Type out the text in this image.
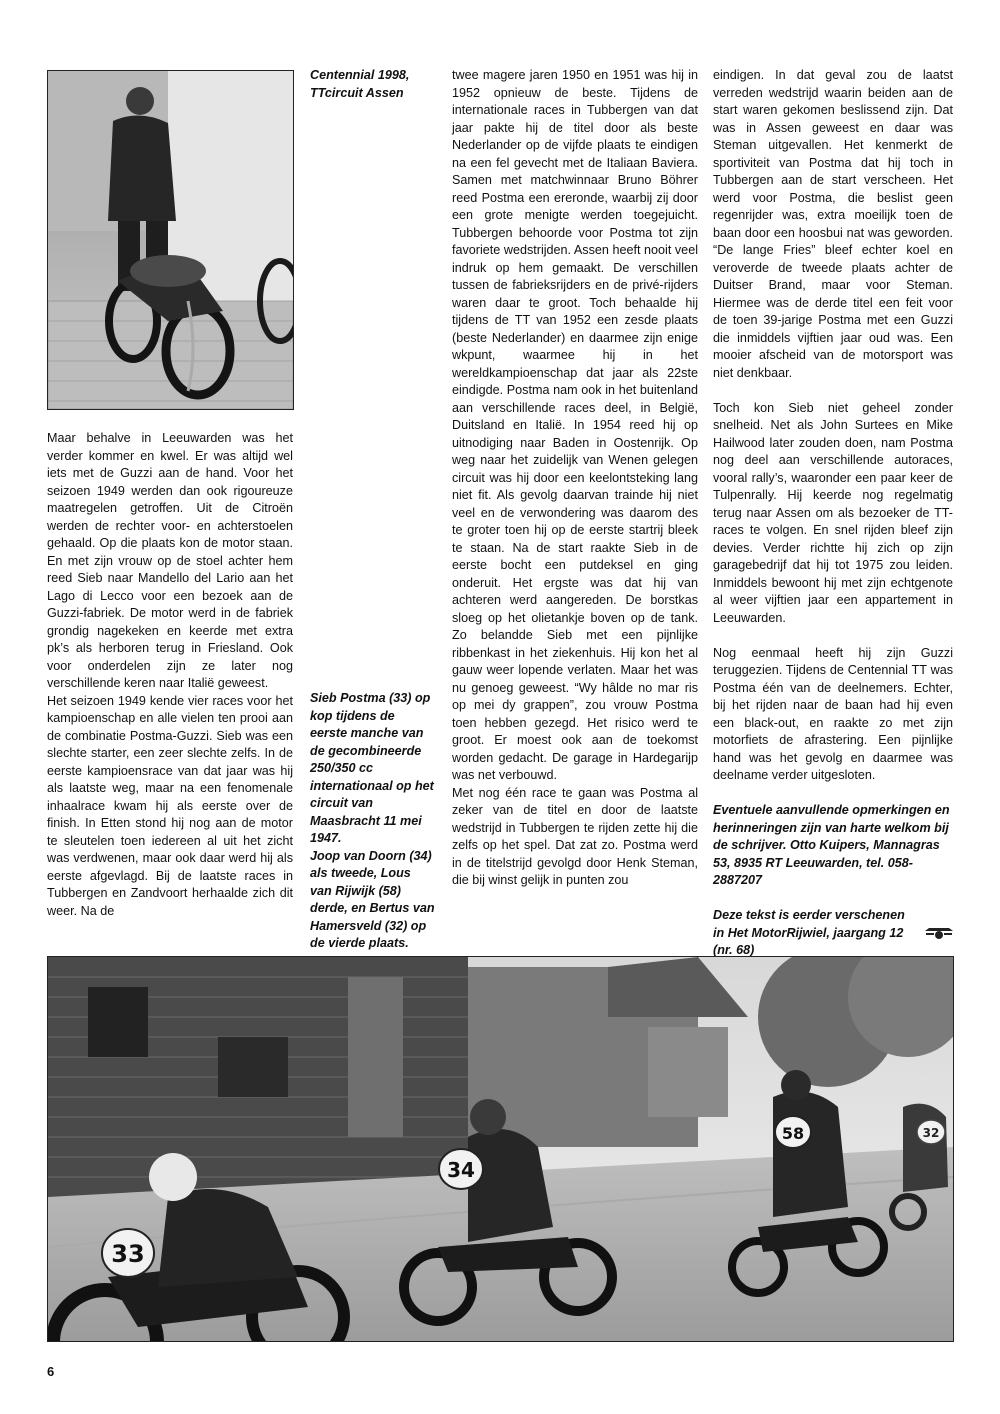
Centennial 1998, TTcircuit Assen

Maar behalve in Leeuwarden was het verder kommer en kwel. Er was altijd wel iets met de Guzzi aan de hand. Voor het seizoen 1949 werden dan ook rigoureuze maatregelen getroffen. Uit de Citroën werden de rechter voor- en achterstoelen gehaald. Op die plaats kon de motor staan. En met zijn vrouw op de stoel achter hem reed Sieb naar Mandello del Lario aan het Lago di Lecco voor een bezoek aan de Guzzi-fabriek. De motor werd in de fabriek grondig nagekeken en keerde met extra pk’s als herboren terug in Friesland. Ook voor onderdelen zijn ze later nog verschillende keren naar Italië geweest.

Het seizoen 1949 kende vier races voor het kampioenschap en alle vielen ten prooi aan de combinatie Postma-Guzzi. Sieb was een slechte starter, een zeer slechte zelfs. In de eerste kampioensrace van dat jaar was hij als laatste weg, maar na een fenomenale inhaalrace kwam hij als eerste over de finish. In Etten stond hij nog aan de motor te sleutelen toen iedereen al uit het zicht was verdwenen, maar ook daar werd hij als eerste afgevlagd. Bij de laatste races in Tubbergen en Zandvoort herhaalde zich dit weer. Na de

Sieb Postma (33) op kop tijdens de eerste manche van de gecombineerde 250/350 cc internationaal op het circuit van Maasbracht 11 mei 1947.

Joop van Doorn (34) als tweede, Lous van Rijwijk (58) derde, en Bertus van Hamersveld (32) op de vierde plaats.

twee magere jaren 1950 en 1951 was hij in 1952 opnieuw de beste. Tijdens de internationale races in Tubbergen van dat jaar pakte hij de titel door als beste Nederlander op de vijfde plaats te eindigen na een fel gevecht met de Italiaan Baviera. Samen met matchwinnaar Bruno Böhrer reed Postma een ereronde, waarbij zij door een grote menigte werden toegejuicht. Tubbergen behoorde voor Postma tot zijn favoriete wedstrijden. Assen heeft nooit veel indruk op hem gemaakt. De verschillen tussen de fabrieksrijders en de privé-rijders waren daar te groot. Toch behaalde hij tijdens de TT van 1952 een zesde plaats (beste Nederlander) en daarmee zijn enige wkpunt, waarmee hij in het wereldkampioenschap dat jaar als 22ste eindigde. Postma nam ook in het buitenland aan verschillende races deel, in België, Duitsland en Italië. In 1954 reed hij op uitnodiging naar Baden in Oostenrijk. Op weg naar het zuidelijk van Wenen gelegen circuit was hij door een keelontsteking lang niet fit. Als gevolg daarvan trainde hij niet veel en de verwondering was daarom des te groter toen hij op de eerste startrij bleek te staan. Na de start raakte Sieb in de eerste bocht een putdeksel en ging onderuit. Het ergste was dat hij van achteren werd aangereden. De borstkas sloeg op het olietankje boven op de tank. Zo belandde Sieb met een pijnlijke ribbenkast in het ziekenhuis. Hij kon het al gauw weer lopende verlaten. Maar het was nu genoeg geweest. “Wy hâlde no mar ris op mei dy grappen”, zou vrouw Postma toen hebben gezegd. Het risico werd te groot. Er moest ook aan de toekomst worden gedacht. De garage in Hardegarijp was net verbouwd.

Met nog één race te gaan was Postma al zeker van de titel en door de laatste wedstrijd in Tubbergen te rijden zette hij die zelfs op het spel. Dat zat zo. Postma werd in de titelstrijd gevolgd door Henk Steman, die bij winst gelijk in punten zou

eindigen. In dat geval zou de laatst verreden wedstrijd waarin beiden aan de start waren gekomen beslissend zijn. Dat was in Assen geweest en daar was Steman uitgevallen. Het kenmerkt de sportiviteit van Postma dat hij toch in Tubbergen aan de start verscheen. Het werd voor Postma, die beslist geen regenrijder was, extra moeilijk toen de baan door een hoosbui nat was geworden. “De lange Fries” bleef echter koel en veroverde de tweede plaats achter de Duitser Brand, maar voor Steman. Hiermee was de derde titel een feit voor de toen 39-jarige Postma met een Guzzi die inmiddels vijftien jaar oud was. Een mooier afscheid van de motorsport was niet denkbaar.

Toch kon Sieb niet geheel zonder snelheid. Net als John Surtees en Mike Hailwood later zouden doen, nam Postma nog deel aan verschillende autoraces, vooral rally’s, waaronder een paar keer de Tulpenrally. Hij keerde nog regelmatig terug naar Assen om als bezoeker de TT-races te volgen. En snel rijden bleef zijn devies. Verder richtte hij zich op zijn garagebedrijf dat hij tot 1975 zou leiden. Inmiddels bewoont hij met zijn echtgenote al weer vijftien jaar een appartement in Leeuwarden.

Nog eenmaal heeft hij zijn Guzzi teruggezien. Tijdens de Centennial TT was Postma één van de deelnemers. Echter, bij het rijden naar de baan had hij even een black-out, en raakte zo met zijn motorfiets de afrastering. Een pijnlijke hand was het gevolg en daarmee was deelname verder uitgesloten.

Eventuele aanvullende opmerkingen en herinneringen zijn van harte welkom bij de schrijver. Otto Kuipers, Mannagras 53, 8935 RT Leeuwarden, tel. 058-2887207

Deze tekst is eerder verschenen in Het MotorRijwiel, jaargang 12 (nr. 68)

33
34
58	32
6
